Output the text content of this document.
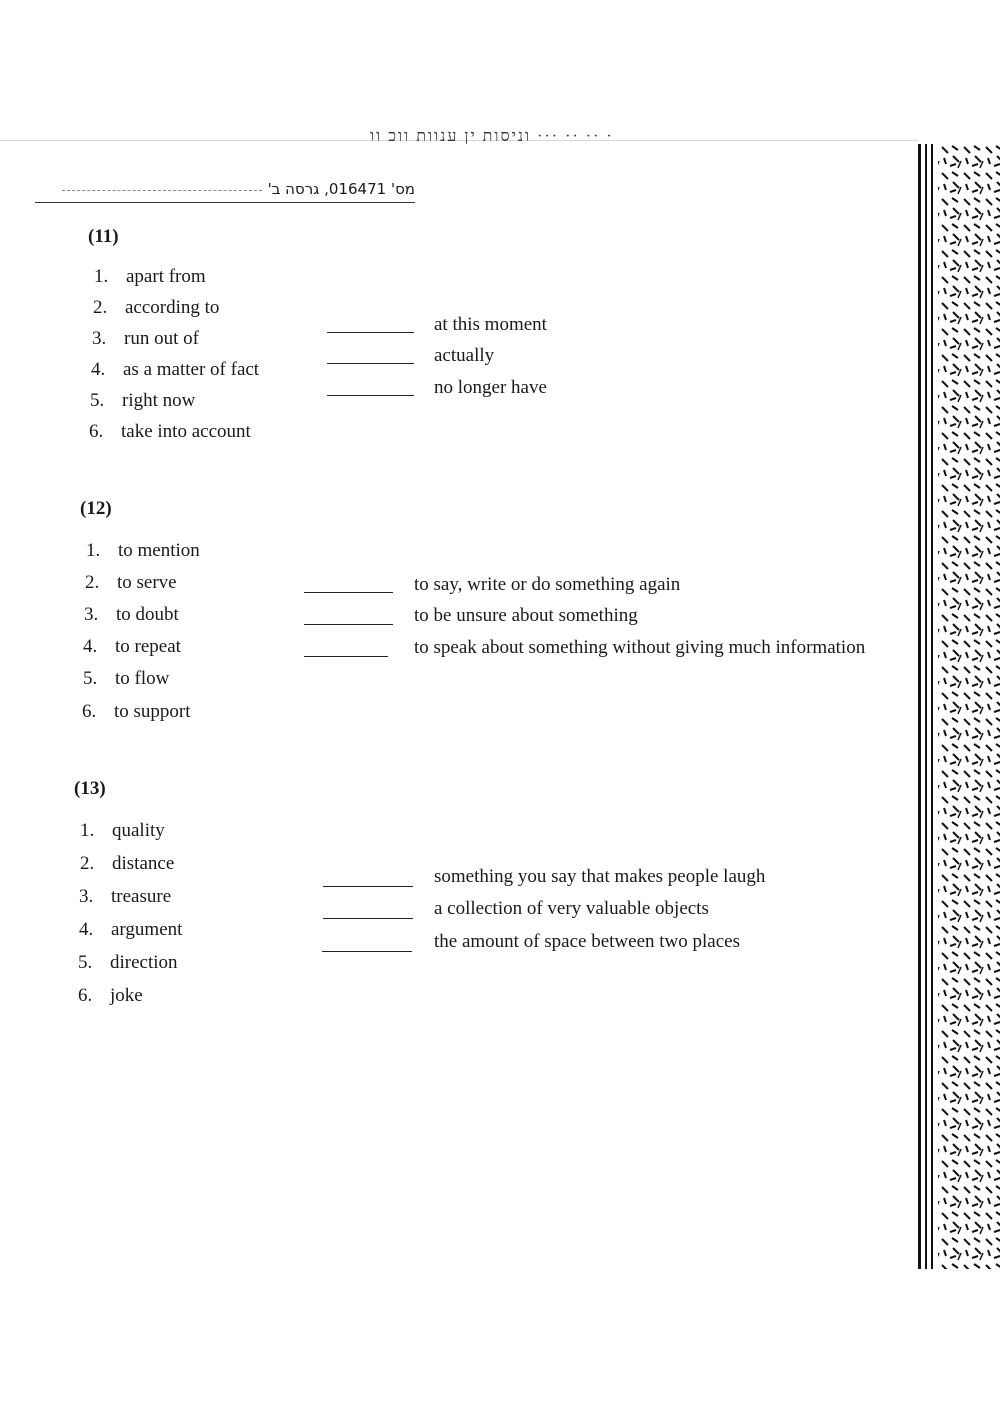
וניסות ין ענוות ווכ וו ··· ·· ·· ·
מס' 016471, גרסה ב'
(11)
1. apart from
2. according to
3. run out of
4. as a matter of fact
5. right now
6. take into account
at this moment
actually
no longer have
(12)
1. to mention
2. to serve
3. to doubt
4. to repeat
5. to flow
6. to support
to say, write or do something again
to be unsure about something
to speak about something without giving much information
(13)
1. quality
2. distance
3. treasure
4. argument
5. direction
6. joke
something you say that makes people laugh
a collection of very valuable objects
the amount of space between two places
